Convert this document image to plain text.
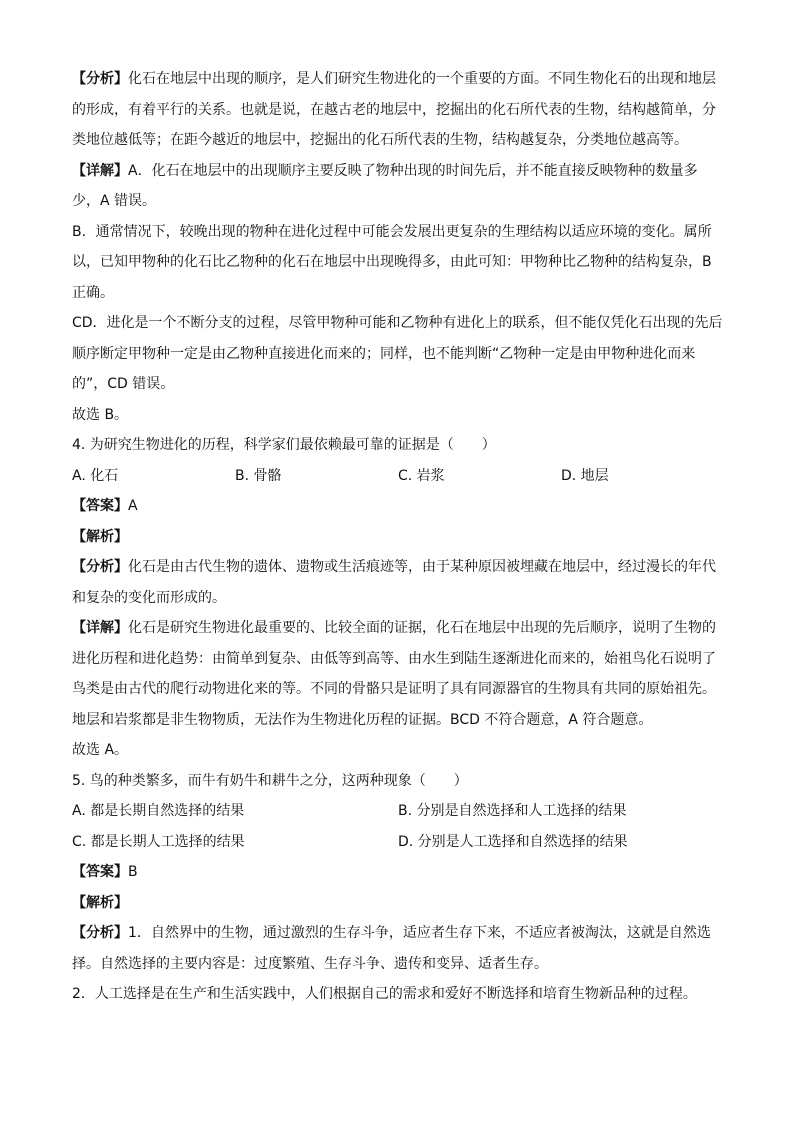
【分析】化石在地层中出现的顺序，是人们研究生物进化的一个重要的方面。不同生物化石的出现和地层的形成，有着平行的关系。也就是说，在越古老的地层中，挖掘出的化石所代表的生物，结构越简单，分类地位越低等；在距今越近的地层中，挖掘出的化石所代表的生物，结构越复杂，分类地位越高等。

【详解】A．化石在地层中的出现顺序主要反映了物种出现的时间先后，并不能直接反映物种的数量多少，A 错误。

B．通常情况下，较晚出现的物种在进化过程中可能会发展出更复杂的生理结构以适应环境的变化。属所以，已知甲物种的化石比乙物种的化石在地层中出现晚得多，由此可知：甲物种比乙物种的结构复杂，B 正确。

CD．进化是一个不断分支的过程，尽管甲物种可能和乙物种有进化上的联系，但不能仅凭化石出现的先后顺序断定甲物种一定是由乙物种直接进化而来的；同样，也不能判断“乙物种一定是由甲物种进化而来的”，CD 错误。

故选 B。

4. 为研究生物进化的历程，科学家们最依赖最可靠的证据是（　　）

A. 化石	B. 骨骼	C. 岩浆	D. 地层

【答案】A

【解析】

【分析】化石是由古代生物的遗体、遗物或生活痕迹等，由于某种原因被埋藏在地层中，经过漫长的年代和复杂的变化而形成的。

【详解】化石是研究生物进化最重要的、比较全面的证据，化石在地层中出现的先后顺序，说明了生物的进化历程和进化趋势：由简单到复杂、由低等到高等、由水生到陆生逐渐进化而来的，始祖鸟化石说明了鸟类是由古代的爬行动物进化来的等。不同的骨骼只是证明了具有同源器官的生物具有共同的原始祖先。地层和岩浆都是非生物物质，无法作为生物进化历程的证据。BCD 不符合题意，A 符合题意。

故选 A。

5. 鸟的种类繁多，而牛有奶牛和耕牛之分，这两种现象（　　）

A. 都是长期自然选择的结果	B. 分别是自然选择和人工选择的结果
C. 都是长期人工选择的结果	D. 分别是人工选择和自然选择的结果

【答案】B

【解析】

【分析】1．自然界中的生物，通过激烈的生存斗争，适应者生存下来，不适应者被淘汰，这就是自然选择。自然选择的主要内容是：过度繁殖、生存斗争、遗传和变异、适者生存。

2．人工选择是在生产和生活实践中，人们根据自己的需求和爱好不断选择和培育生物新品种的过程。
